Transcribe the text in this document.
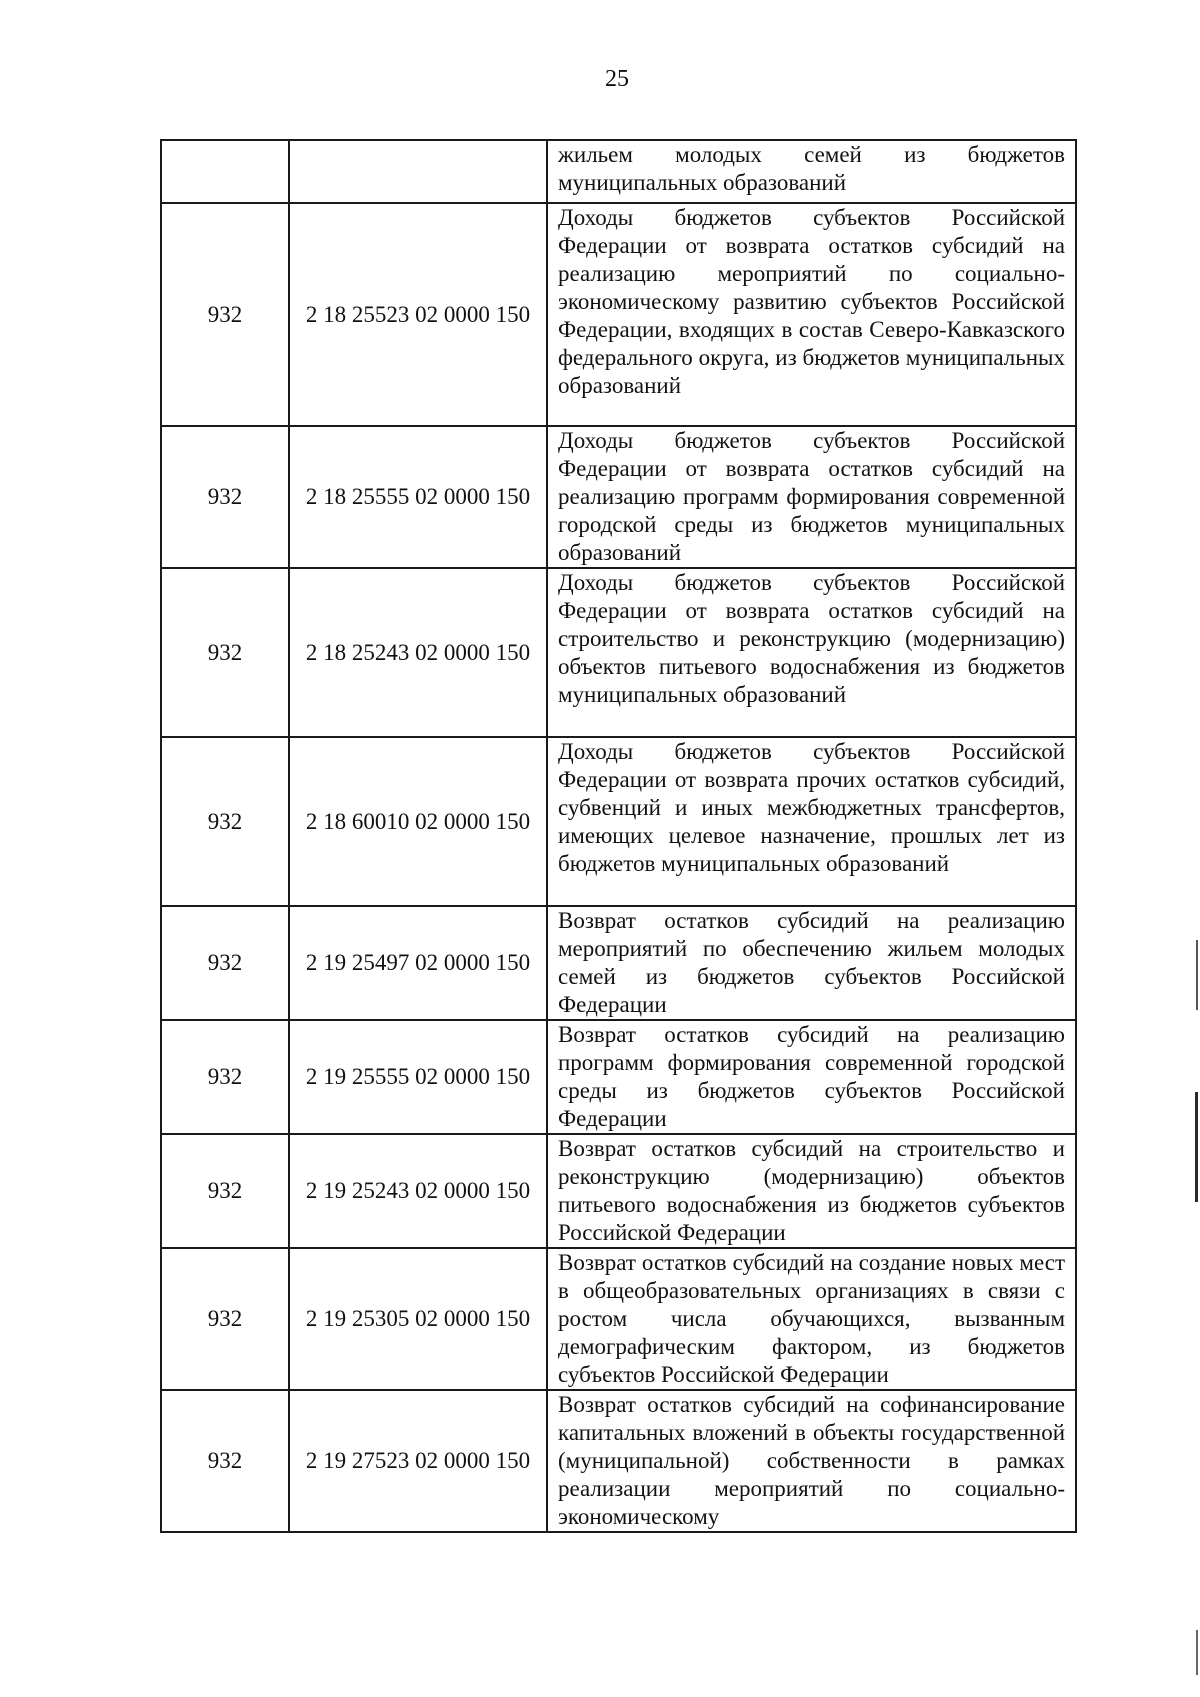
25
		жильем молодых семей из бюджетов муниципальных образований
932	2 18 25523 02 0000 150	Доходы бюджетов субъектов Российской Федерации от возврата остатков субсидий на реализацию мероприятий по социально-экономическому развитию субъектов Российской Федерации, входящих в состав Северо-Кавказского федерального округа, из бюджетов муниципальных образований
932	2 18 25555 02 0000 150	Доходы бюджетов субъектов Российской Федерации от возврата остатков субсидий на реализацию программ формирования современной городской среды из бюджетов муниципальных образований
932	2 18 25243 02 0000 150	Доходы бюджетов субъектов Российской Федерации от возврата остатков субсидий на строительство и реконструкцию (модернизацию) объектов питьевого водоснабжения из бюджетов муниципальных образований
932	2 18 60010 02 0000 150	Доходы бюджетов субъектов Российской Федерации от возврата прочих остатков субсидий, субвенций и иных межбюджетных трансфертов, имеющих целевое назначение, прошлых лет из бюджетов муниципальных образований
932	2 19 25497 02 0000 150	Возврат остатков субсидий на реализацию мероприятий по обеспечению жильем молодых семей из бюджетов субъектов Российской Федерации
932	2 19 25555 02 0000 150	Возврат остатков субсидий на реализацию программ формирования современной городской среды из бюджетов субъектов Российской Федерации
932	2 19 25243 02 0000 150	Возврат остатков субсидий на строительство и реконструкцию (модернизацию) объектов питьевого водоснабжения из бюджетов субъектов Российской Федерации
932	2 19 25305 02 0000 150	Возврат остатков субсидий на создание новых мест в общеобразовательных организациях в связи с ростом числа обучающихся, вызванным демографическим фактором, из бюджетов субъектов Российской Федерации
932	2 19 27523 02 0000 150	Возврат остатков субсидий на софинансирование капитальных вложений в объекты государственной (муниципальной) собственности в рамках реализации мероприятий по социально-экономическому
